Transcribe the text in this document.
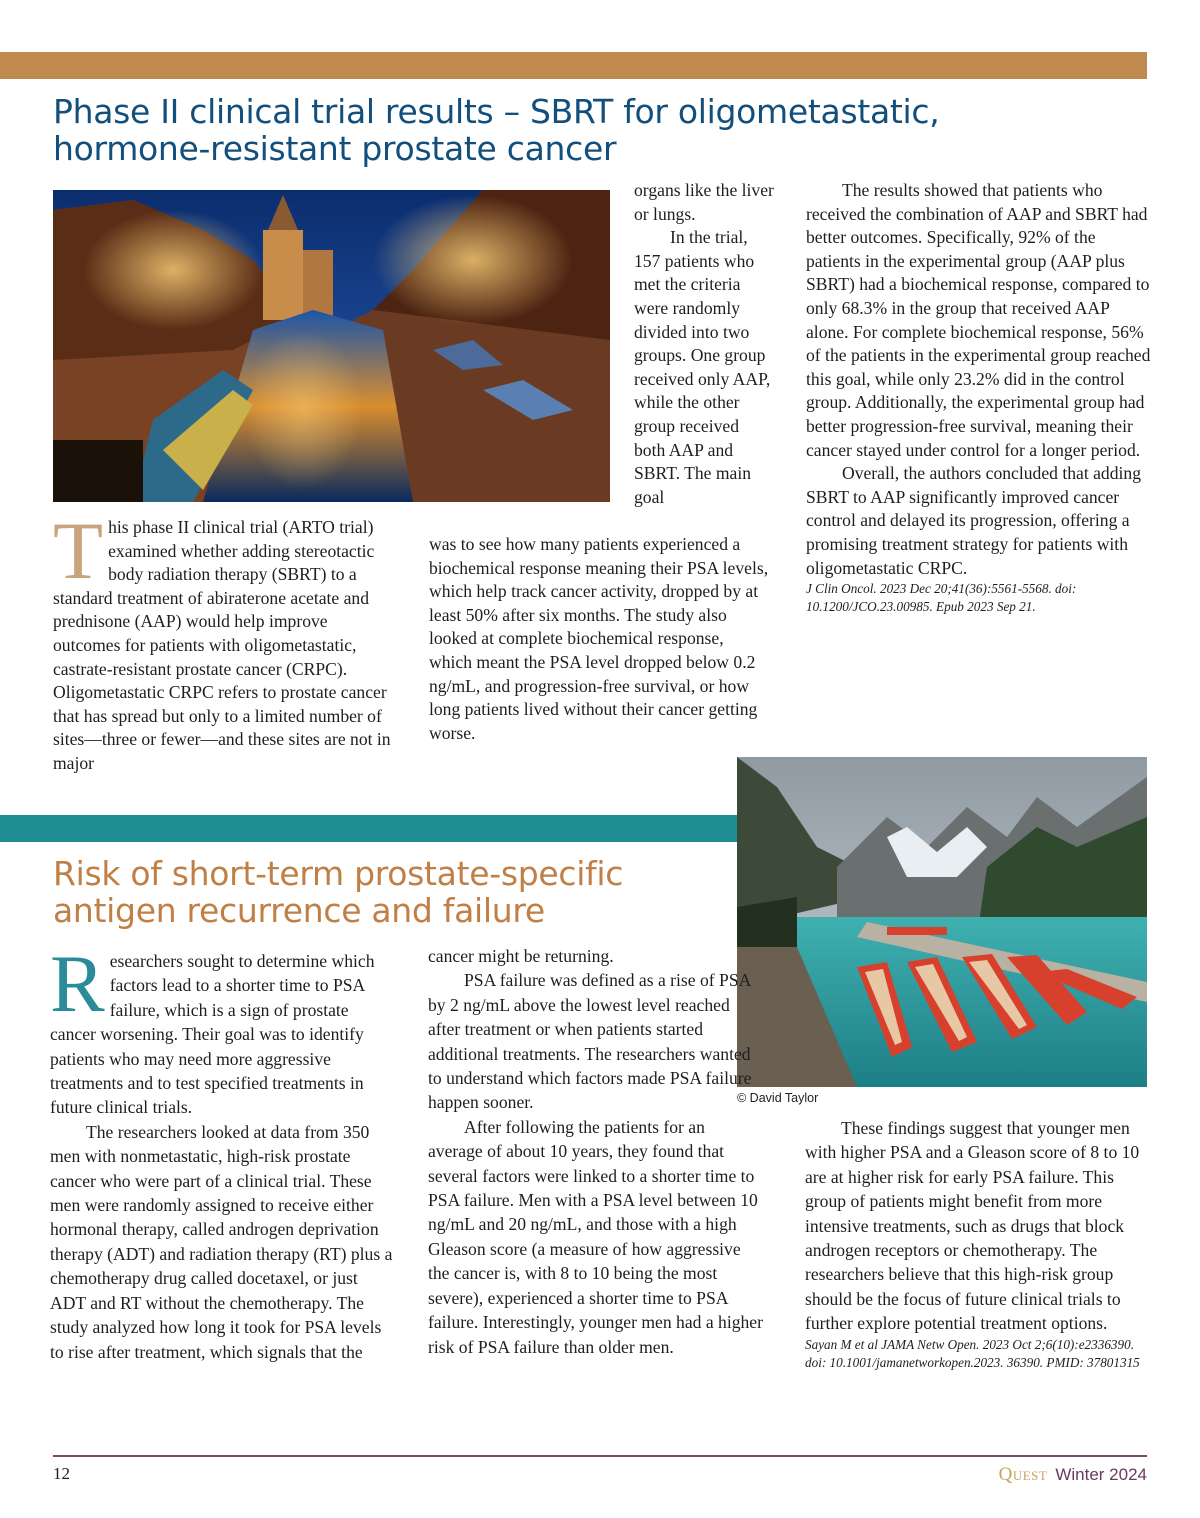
Phase II clinical trial results – SBRT for oligometastatic, hormone-resistant prostate cancer

This phase II clinical trial (ARTO trial) examined whether adding stereotactic body radiation therapy (SBRT) to a standard treatment of abiraterone acetate and prednisone (AAP) would help improve outcomes for patients with oligometastatic, castrate-resistant prostate cancer (CRPC). Oligometastatic CRPC refers to prostate cancer that has spread but only to a limited number of sites—three or fewer—and these sites are not in major

organs like the liver or lungs.

In the trial, 157 patients who met the criteria were randomly divided into two groups. One group received only AAP, while the other group received both AAP and SBRT. The main goal

was to see how many patients experienced a biochemical response meaning their PSA levels, which help track cancer activity, dropped by at least 50% after six months. The study also looked at complete biochemical response, which meant the PSA level dropped below 0.2 ng/mL, and progression-free survival, or how long patients lived without their cancer getting worse.

The results showed that patients who received the combination of AAP and SBRT had better outcomes. Specifically, 92% of the patients in the experimental group (AAP plus SBRT) had a biochemical response, compared to only 68.3% in the group that received AAP alone. For complete biochemical response, 56% of the patients in the experimental group reached this goal, while only 23.2% did in the control group. Additionally, the experimental group had better progression-free survival, meaning their cancer stayed under control for a longer period.

Overall, the authors concluded that adding SBRT to AAP significantly improved cancer control and delayed its progression, offering a promising treatment strategy for patients with oligometastatic CRPC.

J Clin Oncol. 2023 Dec 20;41(36):5561-5568. doi: 10.1200/JCO.23.00985. Epub 2023 Sep 21.

© David Taylor
Risk of short-term prostate-specific antigen recurrence and failure

Researchers sought to determine which factors lead to a shorter time to PSA failure, which is a sign of prostate cancer worsening. Their goal was to identify patients who may need more aggressive treatments and to test specified treatments in future clinical trials.

The researchers looked at data from 350 men with nonmetastatic, high-risk prostate cancer who were part of a clinical trial. These men were randomly assigned to receive either hormonal therapy, called androgen deprivation therapy (ADT) and radiation therapy (RT) plus a chemotherapy drug called docetaxel, or just ADT and RT without the chemotherapy. The study analyzed how long it took for PSA levels to rise after treatment, which signals that the

cancer might be returning.

PSA failure was defined as a rise of PSA by 2 ng/mL above the lowest level reached after treatment or when patients started additional treatments. The researchers wanted to understand which factors made PSA failure happen sooner.

After following the patients for an average of about 10 years, they found that several factors were linked to a shorter time to PSA failure. Men with a PSA level between 10 ng/mL and 20 ng/mL, and those with a high Gleason score (a measure of how aggressive the cancer is, with 8 to 10 being the most severe), experienced a shorter time to PSA failure. Interestingly, younger men had a higher risk of PSA failure than older men.

These findings suggest that younger men with higher PSA and a Gleason score of 8 to 10 are at higher risk for early PSA failure. This group of patients might benefit from more intensive treatments, such as drugs that block androgen receptors or chemotherapy. The researchers believe that this high-risk group should be the focus of future clinical trials to further explore potential treatment options.

Sayan M et al JAMA Netw Open. 2023 Oct 2;6(10):e2336390. doi: 10.1001/jamanetworkopen.2023. 36390. PMID: 37801315

12	Quest Winter 2024
